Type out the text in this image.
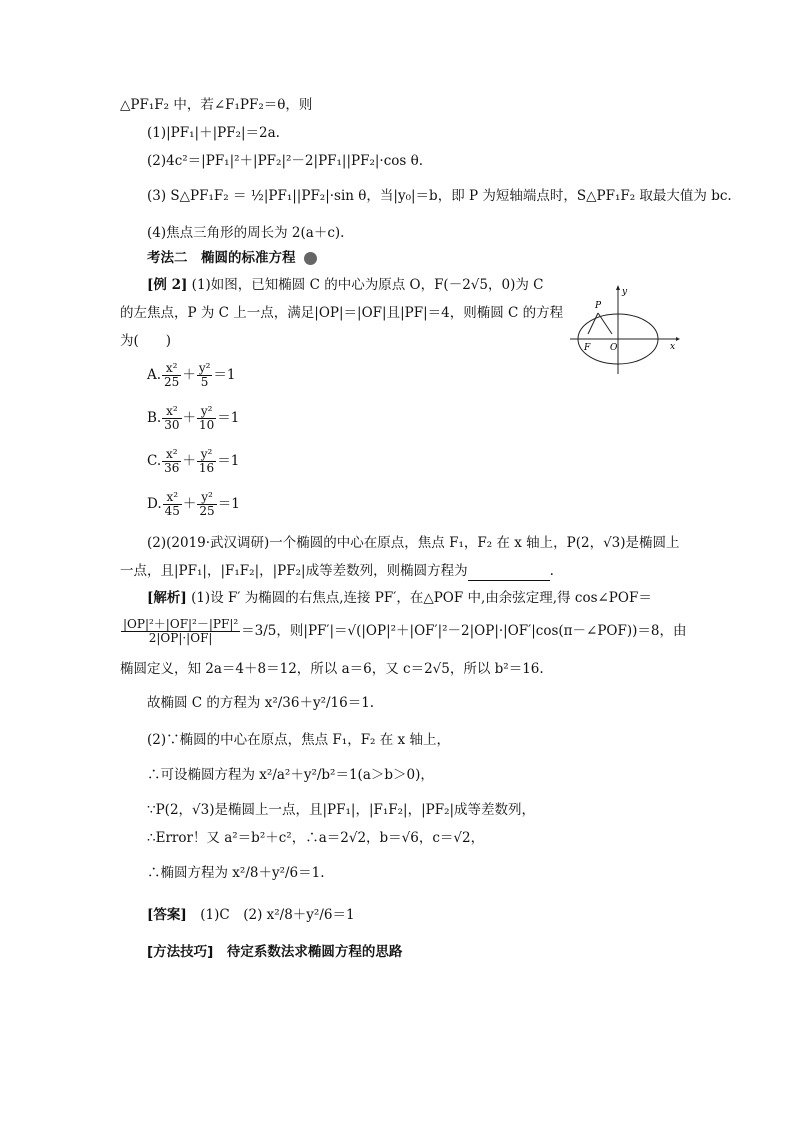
△PF₁F₂ 中，若∠F₁PF₂＝θ，则
(1)|PF₁|＋|PF₂|＝2a.
(2)4c²＝|PF₁|²＋|PF₂|²－2|PF₁||PF₂|·cos θ.
(3) S△PF₁F₂ ＝ ½|PF₁||PF₂|·sin θ，当|y₀|＝b，即 P 为短轴端点时，S△PF₁F₂ 取最大值为 bc.
(4)焦点三角形的周长为 2(a＋c).
考法二　椭圆的标准方程
[例 2] (1)如图，已知椭圆 C 的中心为原点 O，F(－2√5，0)为 C
的左焦点，P 为 C 上一点，满足|OP|＝|OF|且|PF|＝4，则椭圆 C 的方程
为(　　)
P
F O
y
x
A. $\frac{\text{x²}}{25} + \frac{\text{y²}}{5} =1$
B. $\frac{\text{x²}}{30} + \frac{\text{y²}}{10} =1$
C. $\frac{\text{x²}}{36} + \frac{\text{y²}}{16} =1$
D. $\frac{\text{x²}}{45} + \frac{\text{y²}}{25} =1$
(2)(2019·武汉调研)一个椭圆的中心在原点，焦点 F₁，F₂ 在 x 轴上，P(2，√3)是椭圆上
一点，且|PF₁|，|F₁F₂|，|PF₂|成等差数列，则椭圆方程为	.
[解析] (1)设 F′ 为椭圆的右焦点,连接 PF′，在△POF 中,由余弦定理,得 cos∠POF＝
$\frac{\text{|OP|²＋|OF|²－|PF|²}}{2|OP|\cdot|OF|} =3/5$，则|PF′|＝√(|OP|²＋|OF′|²－2|OP|·|OF′|cos(π－∠POF))＝8，由
椭圆定义，知 2a＝4＋8＝12，所以 a＝6，又 c＝2√5，所以 b²＝16.
故椭圆 C 的方程为 x²/36＋y²/16＝1.
(2)∵椭圆的中心在原点，焦点 F₁，F₂ 在 x 轴上，
∴可设椭圆方程为 x²/a²＋y²/b²＝1(a＞b＞0)，
∵P(2，√3)是椭圆上一点，且|PF₁|，|F₁F₂|，|PF₂|成等差数列，
∴Error！又 a²＝b²＋c²，∴a＝2√2，b＝√6，c＝√2，
∴椭圆方程为 x²/8＋y²/6＝1.
[答案]　 (1)C　(2) x²/8＋y²/6＝1
[方法技巧]　 待定系数法求椭圆方程的思路
